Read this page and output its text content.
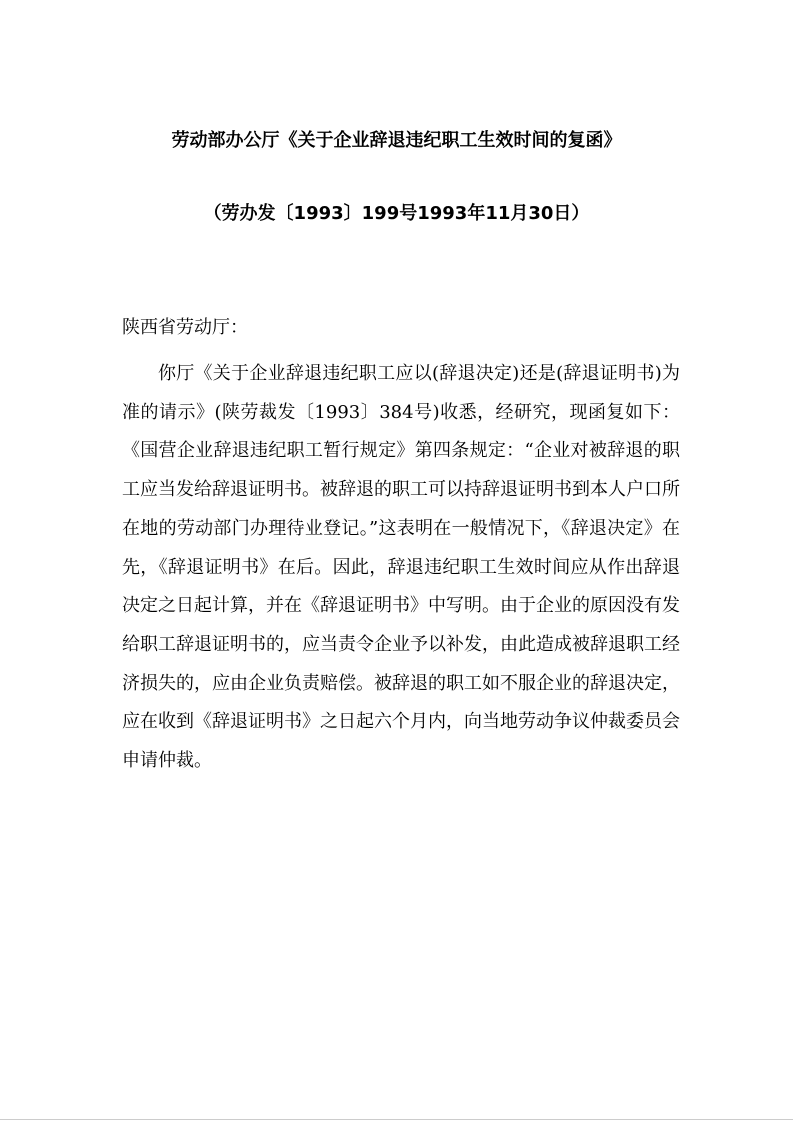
劳动部办公厅《关于企业辞退违纪职工生效时间的复函》
（劳办发〔1993〕199号1993年11月30日）
陕西省劳动厅：

你厅《关于企业辞退违纪职工应以(辞退决定)还是(辞退证明书)为准的请示》(陕劳裁发〔1993〕384号)收悉，经研究，现函复如下：《国营企业辞退违纪职工暂行规定》第四条规定：“企业对被辞退的职工应当发给辞退证明书。被辞退的职工可以持辞退证明书到本人户口所在地的劳动部门办理待业登记。”这表明在一般情况下，《辞退决定》在先，《辞退证明书》在后。因此，辞退违纪职工生效时间应从作出辞退决定之日起计算，并在《辞退证明书》中写明。由于企业的原因没有发给职工辞退证明书的，应当责令企业予以补发，由此造成被辞退职工经济损失的，应由企业负责赔偿。被辞退的职工如不服企业的辞退决定，应在收到《辞退证明书》之日起六个月内，向当地劳动争议仲裁委员会申请仲裁。
